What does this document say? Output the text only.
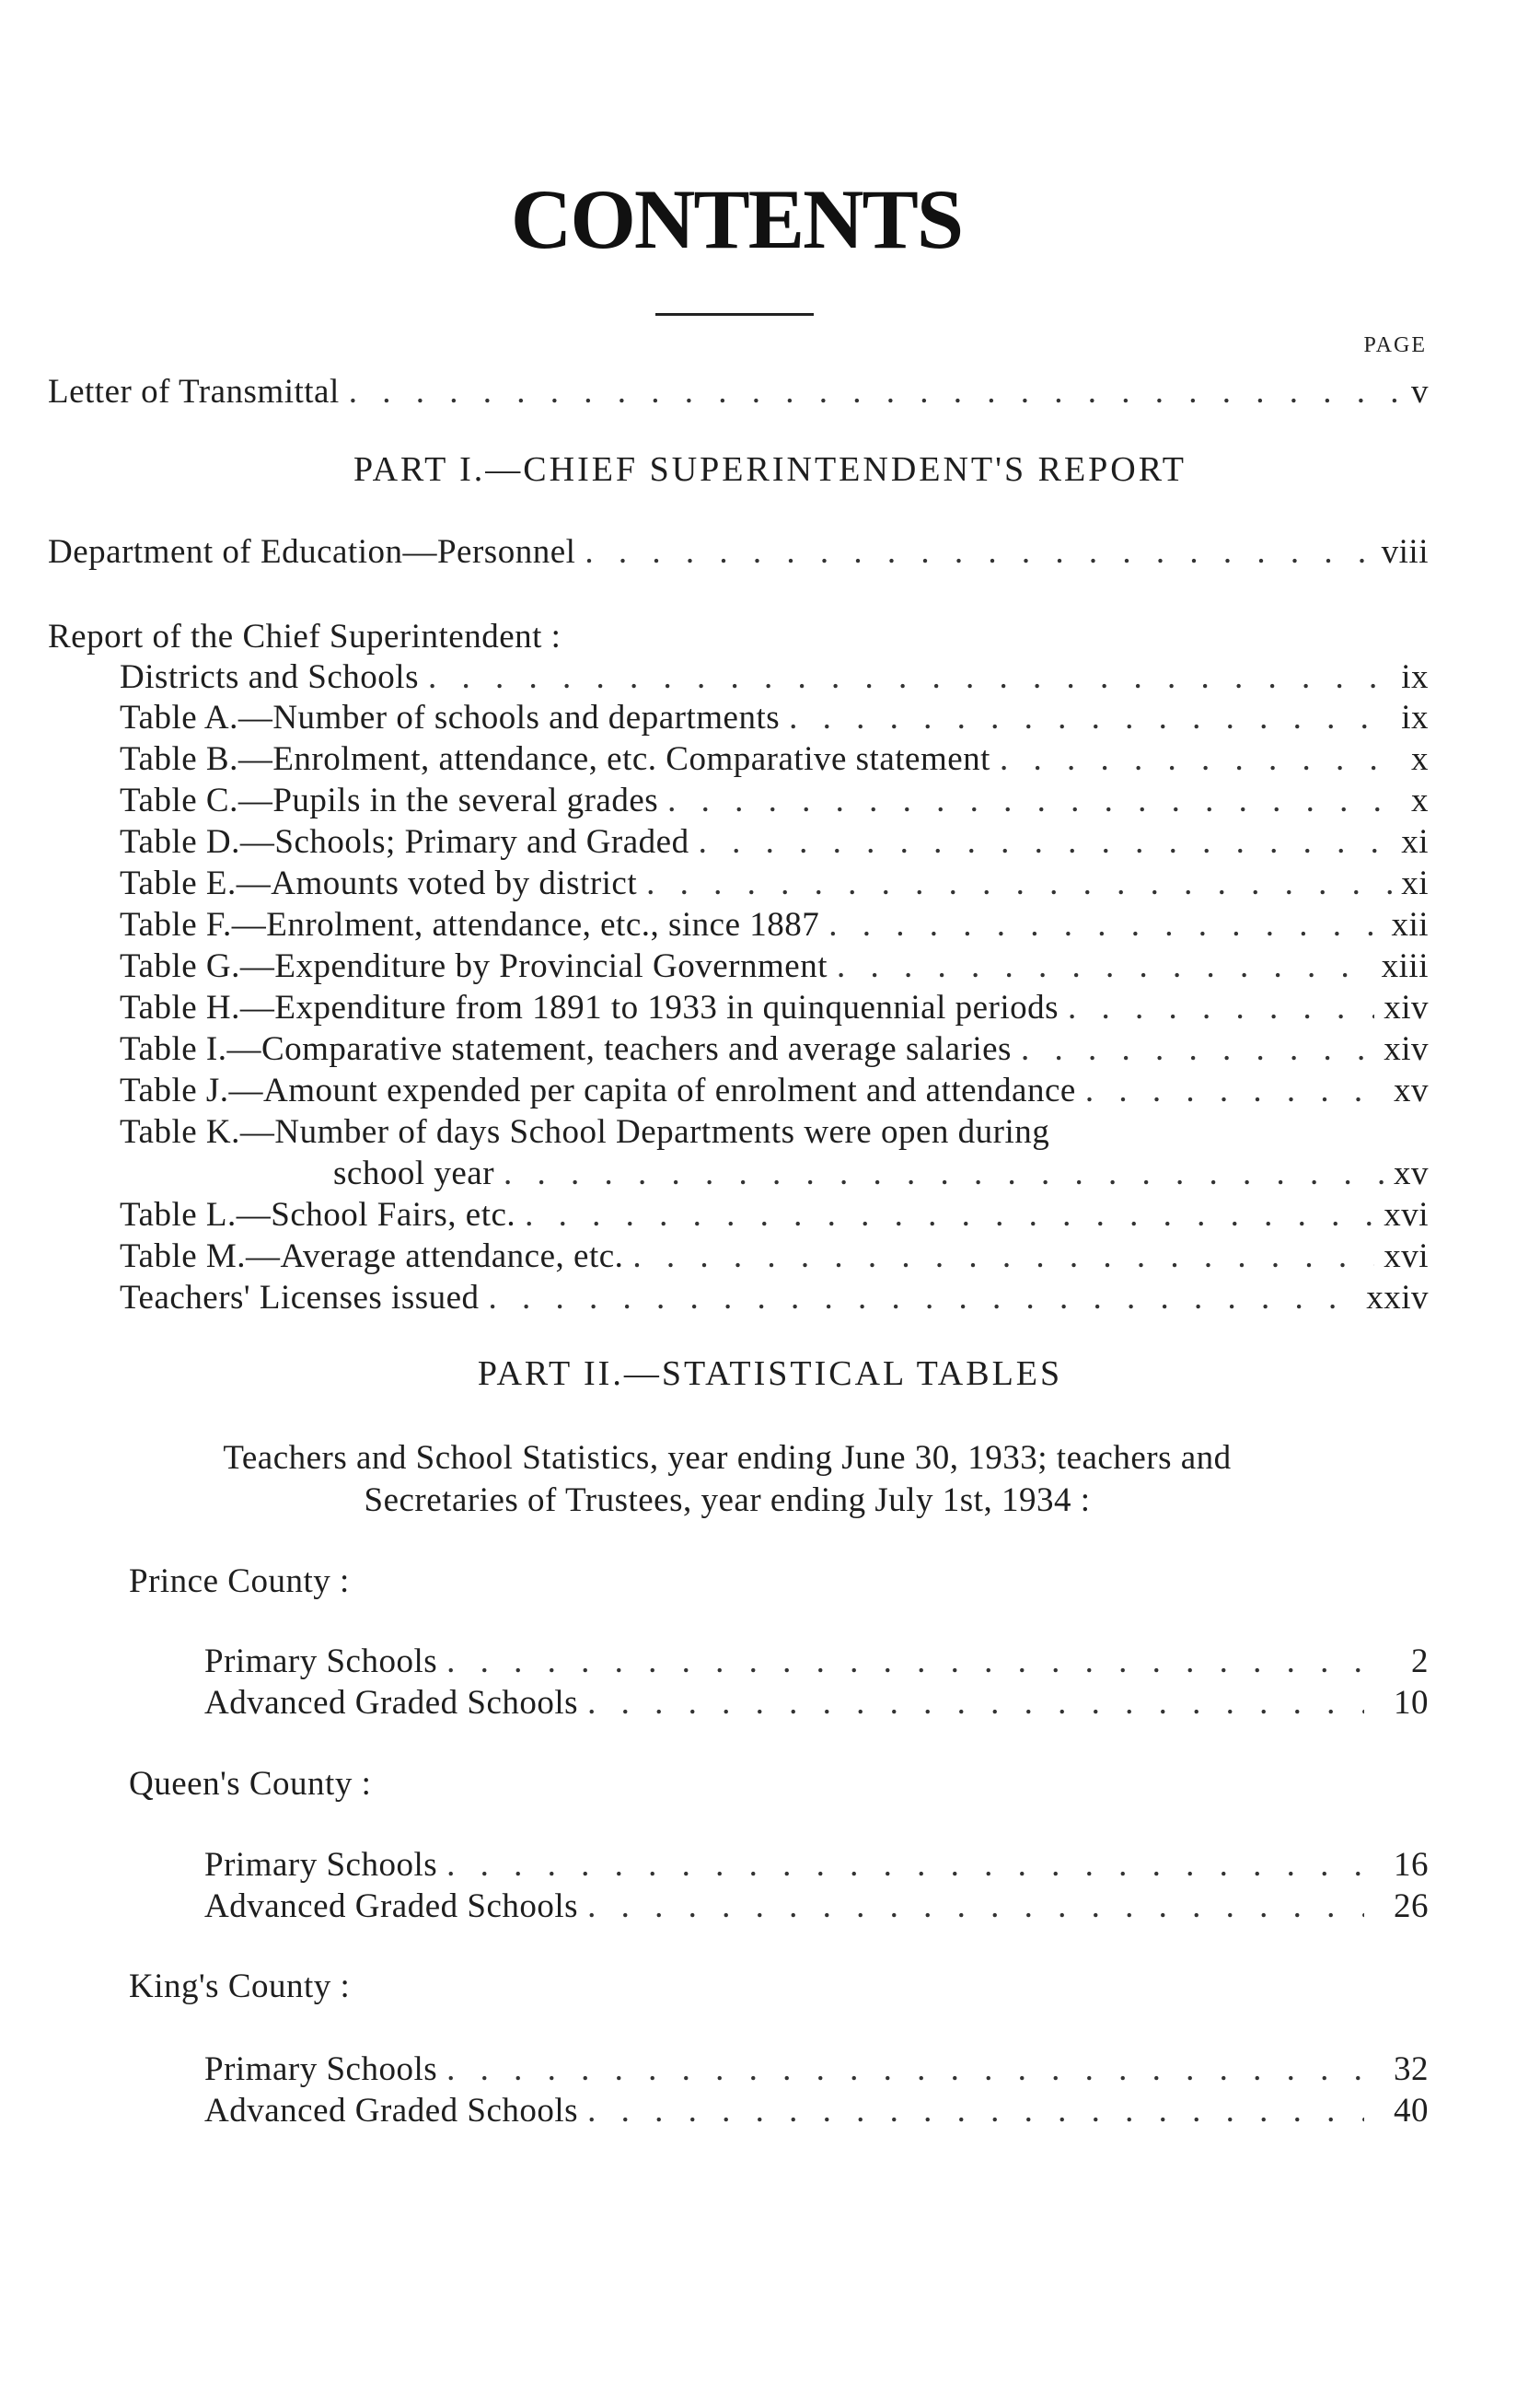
CONTENTS
PAGE
Letter of Transmittal . . .	v
PART I.—CHIEF SUPERINTENDENT'S REPORT
Department of Education—Personnel . . .	viii
Report of the Chief Superintendent :
Districts and Schools . . .	ix
Table A.—Number of schools and departments . . .	ix
Table B.—Enrolment, attendance, etc. Comparative statement . . .	x
Table C.—Pupils in the several grades . . .	x
Table D.—Schools; Primary and Graded . . .	xi
Table E.—Amounts voted by district . . .	xi
Table F.—Enrolment, attendance, etc., since 1887 . . .	xii
Table G.—Expenditure by Provincial Government . . .	xiii
Table H.—Expenditure from 1891 to 1933 in quinquennial periods . . .	xiv
Table I.—Comparative statement, teachers and average salaries . . .	xiv
Table J.—Amount expended per capita of enrolment and attendance . . .	xv
Table K.—Number of days School Departments were open during
school year . . .	xv
Table L.—School Fairs, etc. . . .	xvi
Table M.—Average attendance, etc. . . .	xvi
Teachers' Licenses issued . . .	xxiv
PART II.—STATISTICAL TABLES
Teachers and School Statistics, year ending June 30, 1933; teachers and
Secretaries of Trustees, year ending July 1st, 1934 :
Prince County :
Primary Schools . . .	2
Advanced Graded Schools . . .	10
Queen's County :
Primary Schools . . .	16
Advanced Graded Schools . . .	26
King's County :
Primary Schools . . .	32
Advanced Graded Schools . . .	40
